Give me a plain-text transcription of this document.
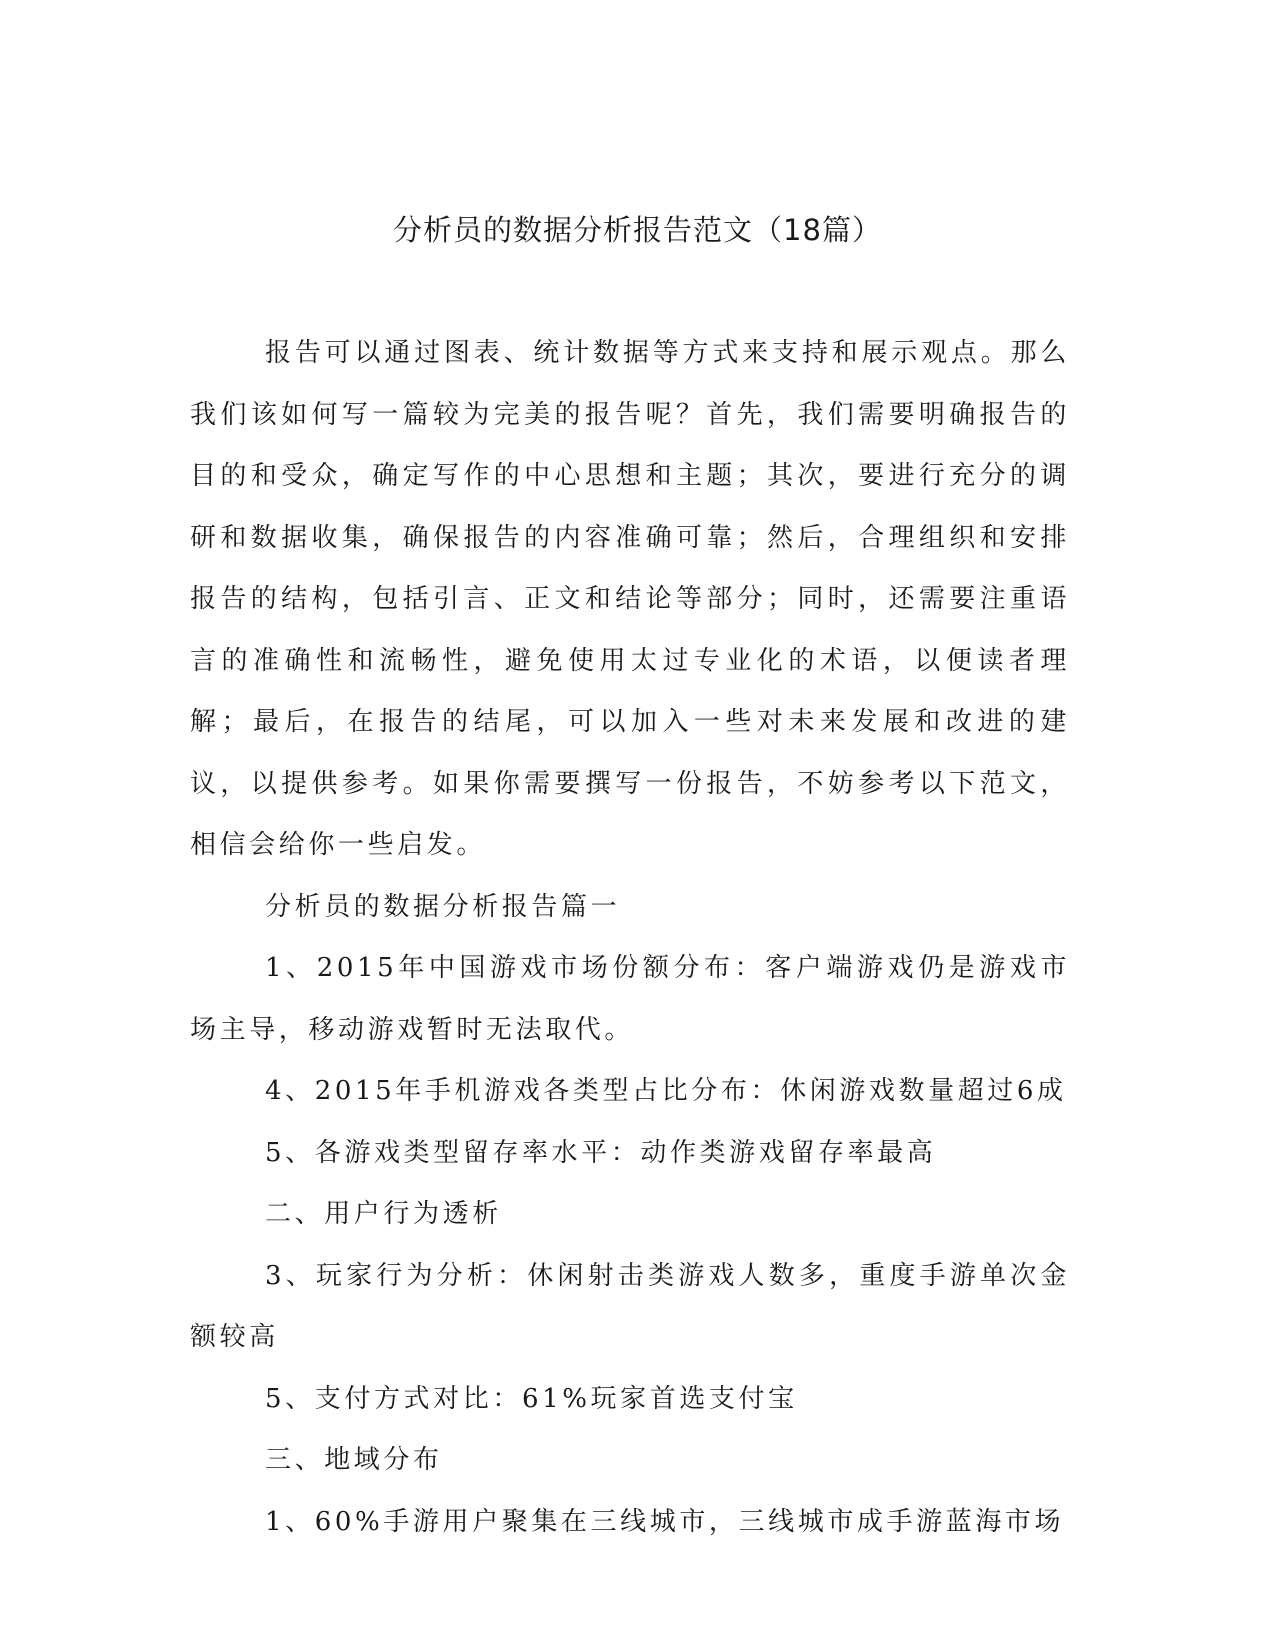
分析员的数据分析报告范文（18篇）

报告可以通过图表、统计数据等方式来支持和展示观点。那么我们该如何写一篇较为完美的报告呢？首先，我们需要明确报告的目的和受众，确定写作的中心思想和主题；其次，要进行充分的调研和数据收集，确保报告的内容准确可靠；然后，合理组织和安排报告的结构，包括引言、正文和结论等部分；同时，还需要注重语言的准确性和流畅性，避免使用太过专业化的术语，以便读者理解；最后，在报告的结尾，可以加入一些对未来发展和改进的建议，以提供参考。如果你需要撰写一份报告，不妨参考以下范文，相信会给你一些启发。

分析员的数据分析报告篇一

1、2015年中国游戏市场份额分布：客户端游戏仍是游戏市场主导，移动游戏暂时无法取代。

4、2015年手机游戏各类型占比分布：休闲游戏数量超过6成

5、各游戏类型留存率水平：动作类游戏留存率最高

二、用户行为透析

3、玩家行为分析：休闲射击类游戏人数多，重度手游单次金额较高

5、支付方式对比：61%玩家首选支付宝

三、地域分布

1、60%手游用户聚集在三线城市，三线城市成手游蓝海市场
